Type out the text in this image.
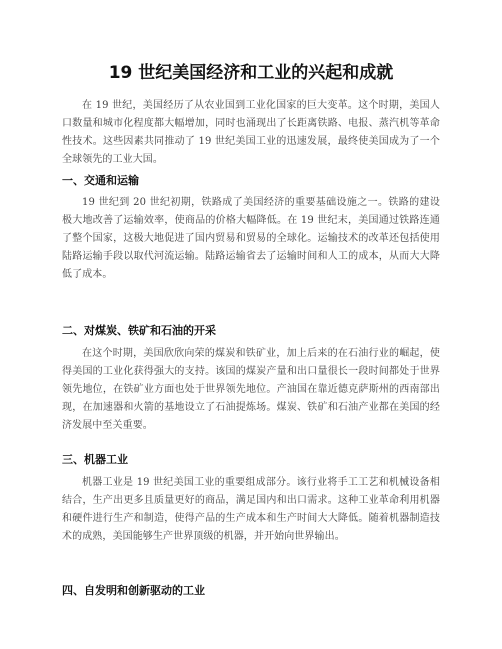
19 世纪美国经济和工业的兴起和成就

在 19 世纪，美国经历了从农业国到工业化国家的巨大变革。这个时期，美国人口数量和城市化程度都大幅增加，同时也涌现出了长距离铁路、电报、蒸汽机等革命性技术。这些因素共同推动了 19 世纪美国工业的迅速发展，最终使美国成为了一个全球领先的工业大国。

一、交通和运输

19 世纪到 20 世纪初期，铁路成了美国经济的重要基础设施之一。铁路的建设极大地改善了运输效率，使商品的价格大幅降低。在 19 世纪末，美国通过铁路连通了整个国家，这极大地促进了国内贸易和贸易的全球化。运输技术的改革还包括使用陆路运输手段以取代河流运输。陆路运输省去了运输时间和人工的成本，从而大大降低了成本。

二、对煤炭、铁矿和石油的开采

在这个时期，美国欣欣向荣的煤炭和铁矿业，加上后来的在石油行业的崛起，使得美国的工业化获得强大的支持。该国的煤炭产量和出口量很长一段时间都处于世界领先地位，在铁矿业方面也处于世界领先地位。产油国在靠近德克萨斯州的西南部出现，在加速器和火箭的基地设立了石油提炼场。煤炭、铁矿和石油产业都在美国的经济发展中至关重要。

三、机器工业

机器工业是 19 世纪美国工业的重要组成部分。该行业将手工工艺和机械设备相结合，生产出更多且质量更好的商品，满足国内和出口需求。这种工业革命利用机器和硬件进行生产和制造，使得产品的生产成本和生产时间大大降低。随着机器制造技术的成熟，美国能够生产世界顶级的机器，并开始向世界输出。

四、自发明和创新驱动的工业
